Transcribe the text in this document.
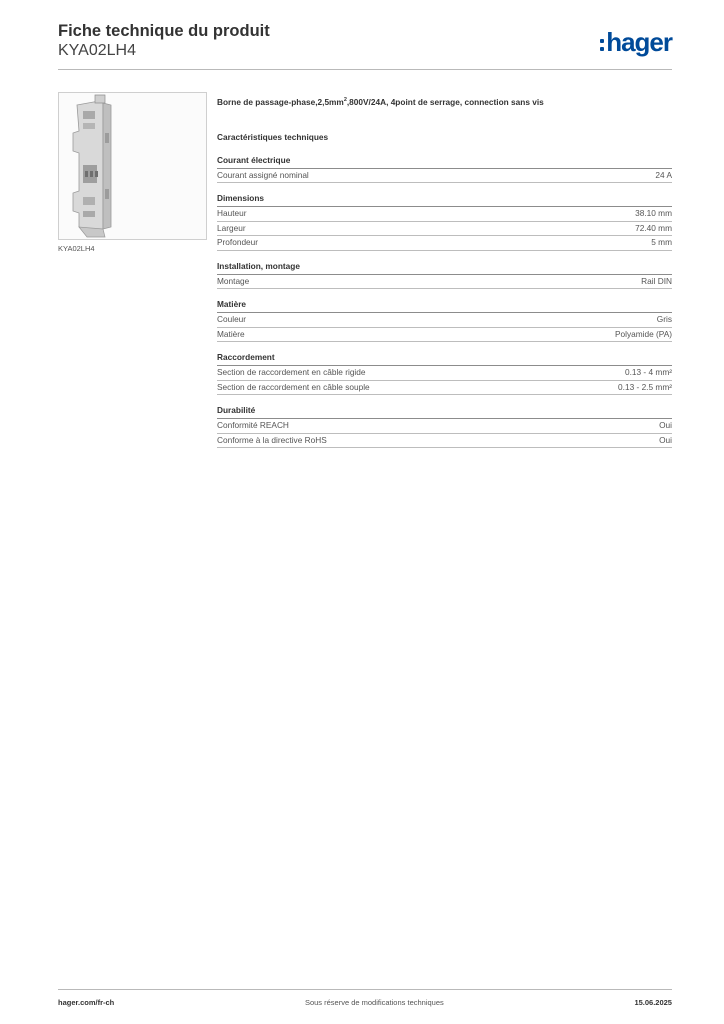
Fiche technique du produit
KYA02LH4	hager
KYA02LH4
Borne de passage-$phase,2,5mm^2,800V/24A$, 4point de serrage, connection sans vis
Caractéristiques techniques
Courant électrique
Courant assigné nominal	24 A
Dimensions
Hauteur	38.10 mm
Largeur	72.40 mm
Profondeur	5 mm
Installation, montage
Montage	Rail DIN
Matière
Couleur	Gris
Matière	Polyamide (PA)
Raccordement
Section de raccordement en câble rigide	0.13 - 4 mm²
Section de raccordement en câble souple	0.13 - 2.5 mm²
Durabilité
Conformité REACH	Oui
Conforme à la directive RoHS	Oui
hager.com/fr-ch	Sous réserve de modifications techniques	15.06.2025
